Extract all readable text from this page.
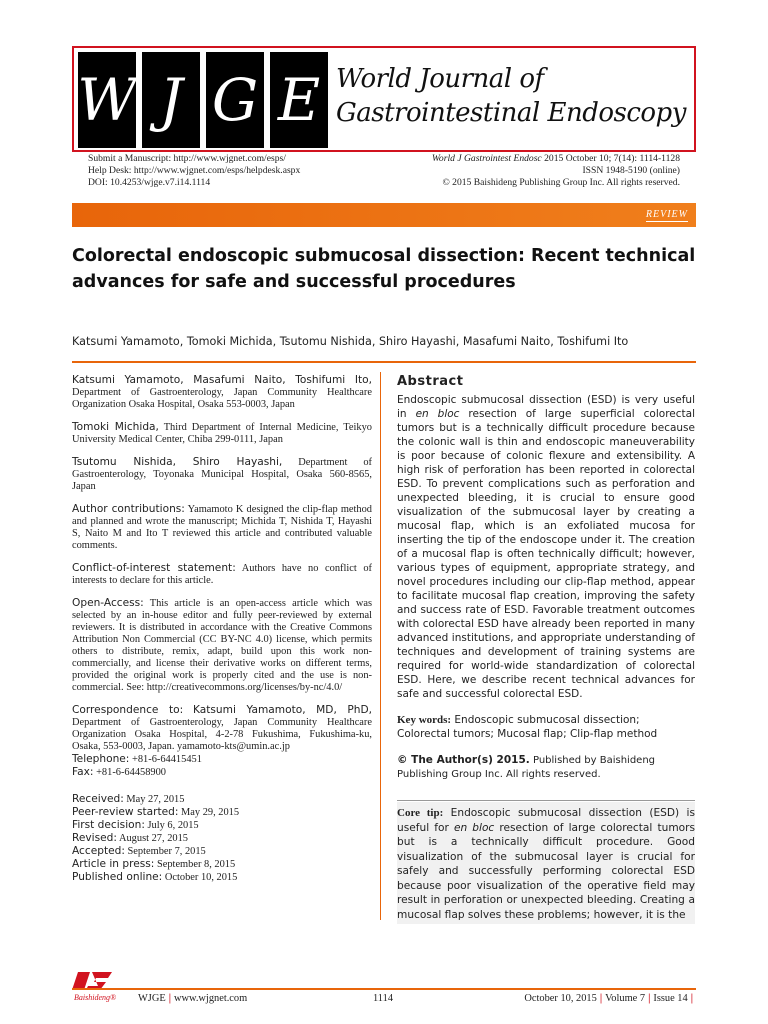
W J G E World Journal of
Gastrointestinal Endoscopy
Submit a Manuscript: http://www.wjgnet.com/esps/
Help Desk: http://www.wjgnet.com/esps/helpdesk.aspx
DOI: 10.4253/wjge.v7.i14.1114
World J Gastrointest Endosc 2015 October 10; 7(14): 1114-1128
ISSN 1948-5190 (online)
© 2015 Baishideng Publishing Group Inc. All rights reserved.
REVIEW
Colorectal endoscopic submucosal dissection: Recent technical advances for safe and successful procedures
Katsumi Yamamoto, Tomoki Michida, Tsutomu Nishida, Shiro Hayashi, Masafumi Naito, Toshifumi Ito

Katsumi Yamamoto, Masafumi Naito, Toshifumi Ito, Department of Gastroenterology, Japan Community Healthcare Organization Osaka Hospital, Osaka 553-0003, Japan

Tomoki Michida, Third Department of Internal Medicine, Teikyo University Medical Center, Chiba 299-0111, Japan

Tsutomu Nishida, Shiro Hayashi, Department of Gastroenterology, Toyonaka Municipal Hospital, Osaka 560-8565, Japan

Author contributions: Yamamoto K designed the clip-flap method and planned and wrote the manuscript; Michida T, Nishida T, Hayashi S, Naito M and Ito T reviewed this article and contributed valuable comments.

Conflict-of-interest statement: Authors have no conflict of interests to declare for this article.

Open-Access: This article is an open-access article which was selected by an in-house editor and fully peer-reviewed by external reviewers. It is distributed in accordance with the Creative Commons Attribution Non Commercial (CC BY-NC 4.0) license, which permits others to distribute, remix, adapt, build upon this work non-commercially, and license their derivative works on different terms, provided the original work is properly cited and the use is non-commercial. See: http://creativecommons.org/licenses/by-nc/4.0/

Correspondence to: Katsumi Yamamoto, MD, PhD, Department of Gastroenterology, Japan Community Healthcare Organization Osaka Hospital, 4-2-78 Fukushima, Fukushima-ku, Osaka, 553-0003, Japan. yamamoto-kts@umin.ac.jp
Telephone: +81-6-64415451
Fax: +81-6-64458900

Received: May 27, 2015
Peer-review started: May 29, 2015
First decision: July 6, 2015
Revised: August 27, 2015
Accepted: September 7, 2015
Article in press: September 8, 2015
Published online: October 10, 2015
Abstract
Endoscopic submucosal dissection (ESD) is very useful in en bloc resection of large superficial colorectal tumors but is a technically difficult procedure because the colonic wall is thin and endoscopic maneuverability is poor because of colonic flexure and extensibility. A high risk of perforation has been reported in colorectal ESD. To prevent complications such as perforation and unexpected bleeding, it is crucial to ensure good visualization of the submucosal layer by creating a mucosal flap, which is an exfoliated mucosa for inserting the tip of the endoscope under it. The creation of a mucosal flap is often technically difficult; however, various types of equipment, appropriate strategy, and novel procedures including our clip-flap method, appear to facilitate mucosal flap creation, improving the safety and success rate of ESD. Favorable treatment outcomes with colorectal ESD have already been reported in many advanced institutions, and appropriate understanding of techniques and development of training systems are required for world-wide standardization of colorectal ESD. Here, we describe recent technical advances for safe and successful colorectal ESD.
Key words: Endoscopic submucosal dissection; Colorectal tumors; Mucosal flap; Clip-flap method
© The Author(s) 2015. Published by Baishideng Publishing Group Inc. All rights reserved.
Core tip: Endoscopic submucosal dissection (ESD) is useful for en bloc resection of large colorectal tumors but is a technically difficult procedure. Good visualization of the submucosal layer is crucial for safely and successfully performing colorectal ESD because poor visualization of the operative field may result in perforation or unexpected bleeding. Creating a mucosal flap solves these problems; however, it is the
Baishideng® WJGE | www.wjgnet.com	1114	October 10, 2015 | Volume 7 | Issue 14 |
